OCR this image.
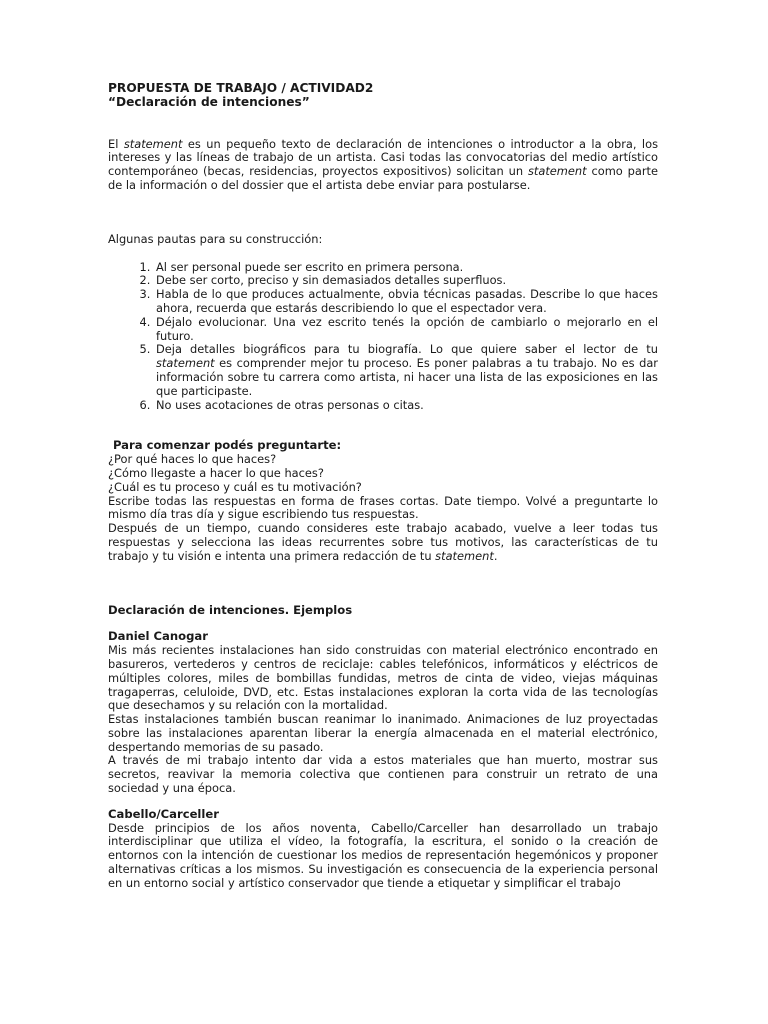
PROPUESTA DE TRABAJO / ACTIVIDAD2

“Declaración de intenciones”

El statement es un pequeño texto de declaración de intenciones o introductor a la obra, los intereses y las líneas de trabajo de un artista. Casi todas las convocatorias del medio artístico contemporáneo (becas, residencias, proyectos expositivos) solicitan un statement como parte de la información o del dossier que el artista debe enviar para postularse.

Algunas pautas para su construcción:

1. Al ser personal puede ser escrito en primera persona.
2. Debe ser corto, preciso y sin demasiados detalles superfluos.
3. Habla de lo que produces actualmente, obvia técnicas pasadas. Describe lo que haces ahora, recuerda que estarás describiendo lo que el espectador vera.
4. Déjalo evolucionar. Una vez escrito tenés la opción de cambiarlo o mejorarlo en el futuro.
5. Deja detalles biográficos para tu biografía. Lo que quiere saber el lector de tu statement es comprender mejor tu proceso. Es poner palabras a tu trabajo. No es dar información sobre tu carrera como artista, ni hacer una lista de las exposiciones en las que participaste.
6. No uses acotaciones de otras personas o citas.

Para comenzar podés preguntarte:

¿Por qué haces lo que haces?

¿Cómo llegaste a hacer lo que haces?

¿Cuál es tu proceso y cuál es tu motivación?

Escribe todas las respuestas en forma de frases cortas. Date tiempo. Volvé a preguntarte lo mismo día tras día y sigue escribiendo tus respuestas.

Después de un tiempo, cuando consideres este trabajo acabado, vuelve a leer todas tus respuestas y selecciona las ideas recurrentes sobre tus motivos, las características de tu trabajo y tu visión e intenta una primera redacción de tu statement.

Declaración de intenciones. Ejemplos

Daniel Canogar

Mis más recientes instalaciones han sido construidas con material electrónico encontrado en basureros, vertederos y centros de reciclaje: cables telefónicos, informáticos y eléctricos de múltiples colores, miles de bombillas fundidas, metros de cinta de video, viejas máquinas tragaperras, celuloide, DVD, etc. Estas instalaciones exploran la corta vida de las tecnologías que desechamos y su relación con la mortalidad.

Estas instalaciones también buscan reanimar lo inanimado. Animaciones de luz proyectadas sobre las instalaciones aparentan liberar la energía almacenada en el material electrónico, despertando memorias de su pasado.

A través de mi trabajo intento dar vida a estos materiales que han muerto, mostrar sus secretos, reavivar la memoria colectiva que contienen para construir un retrato de una sociedad y una época.

Cabello/Carceller

Desde principios de los años noventa, Cabello/Carceller han desarrollado un trabajo interdisciplinar que utiliza el vídeo, la fotografía, la escritura, el sonido o la creación de entornos con la intención de cuestionar los medios de representación hegemónicos y proponer alternativas críticas a los mismos. Su investigación es consecuencia de la experiencia personal en un entorno social y artístico conservador que tiende a etiquetar y simplificar el trabajo
